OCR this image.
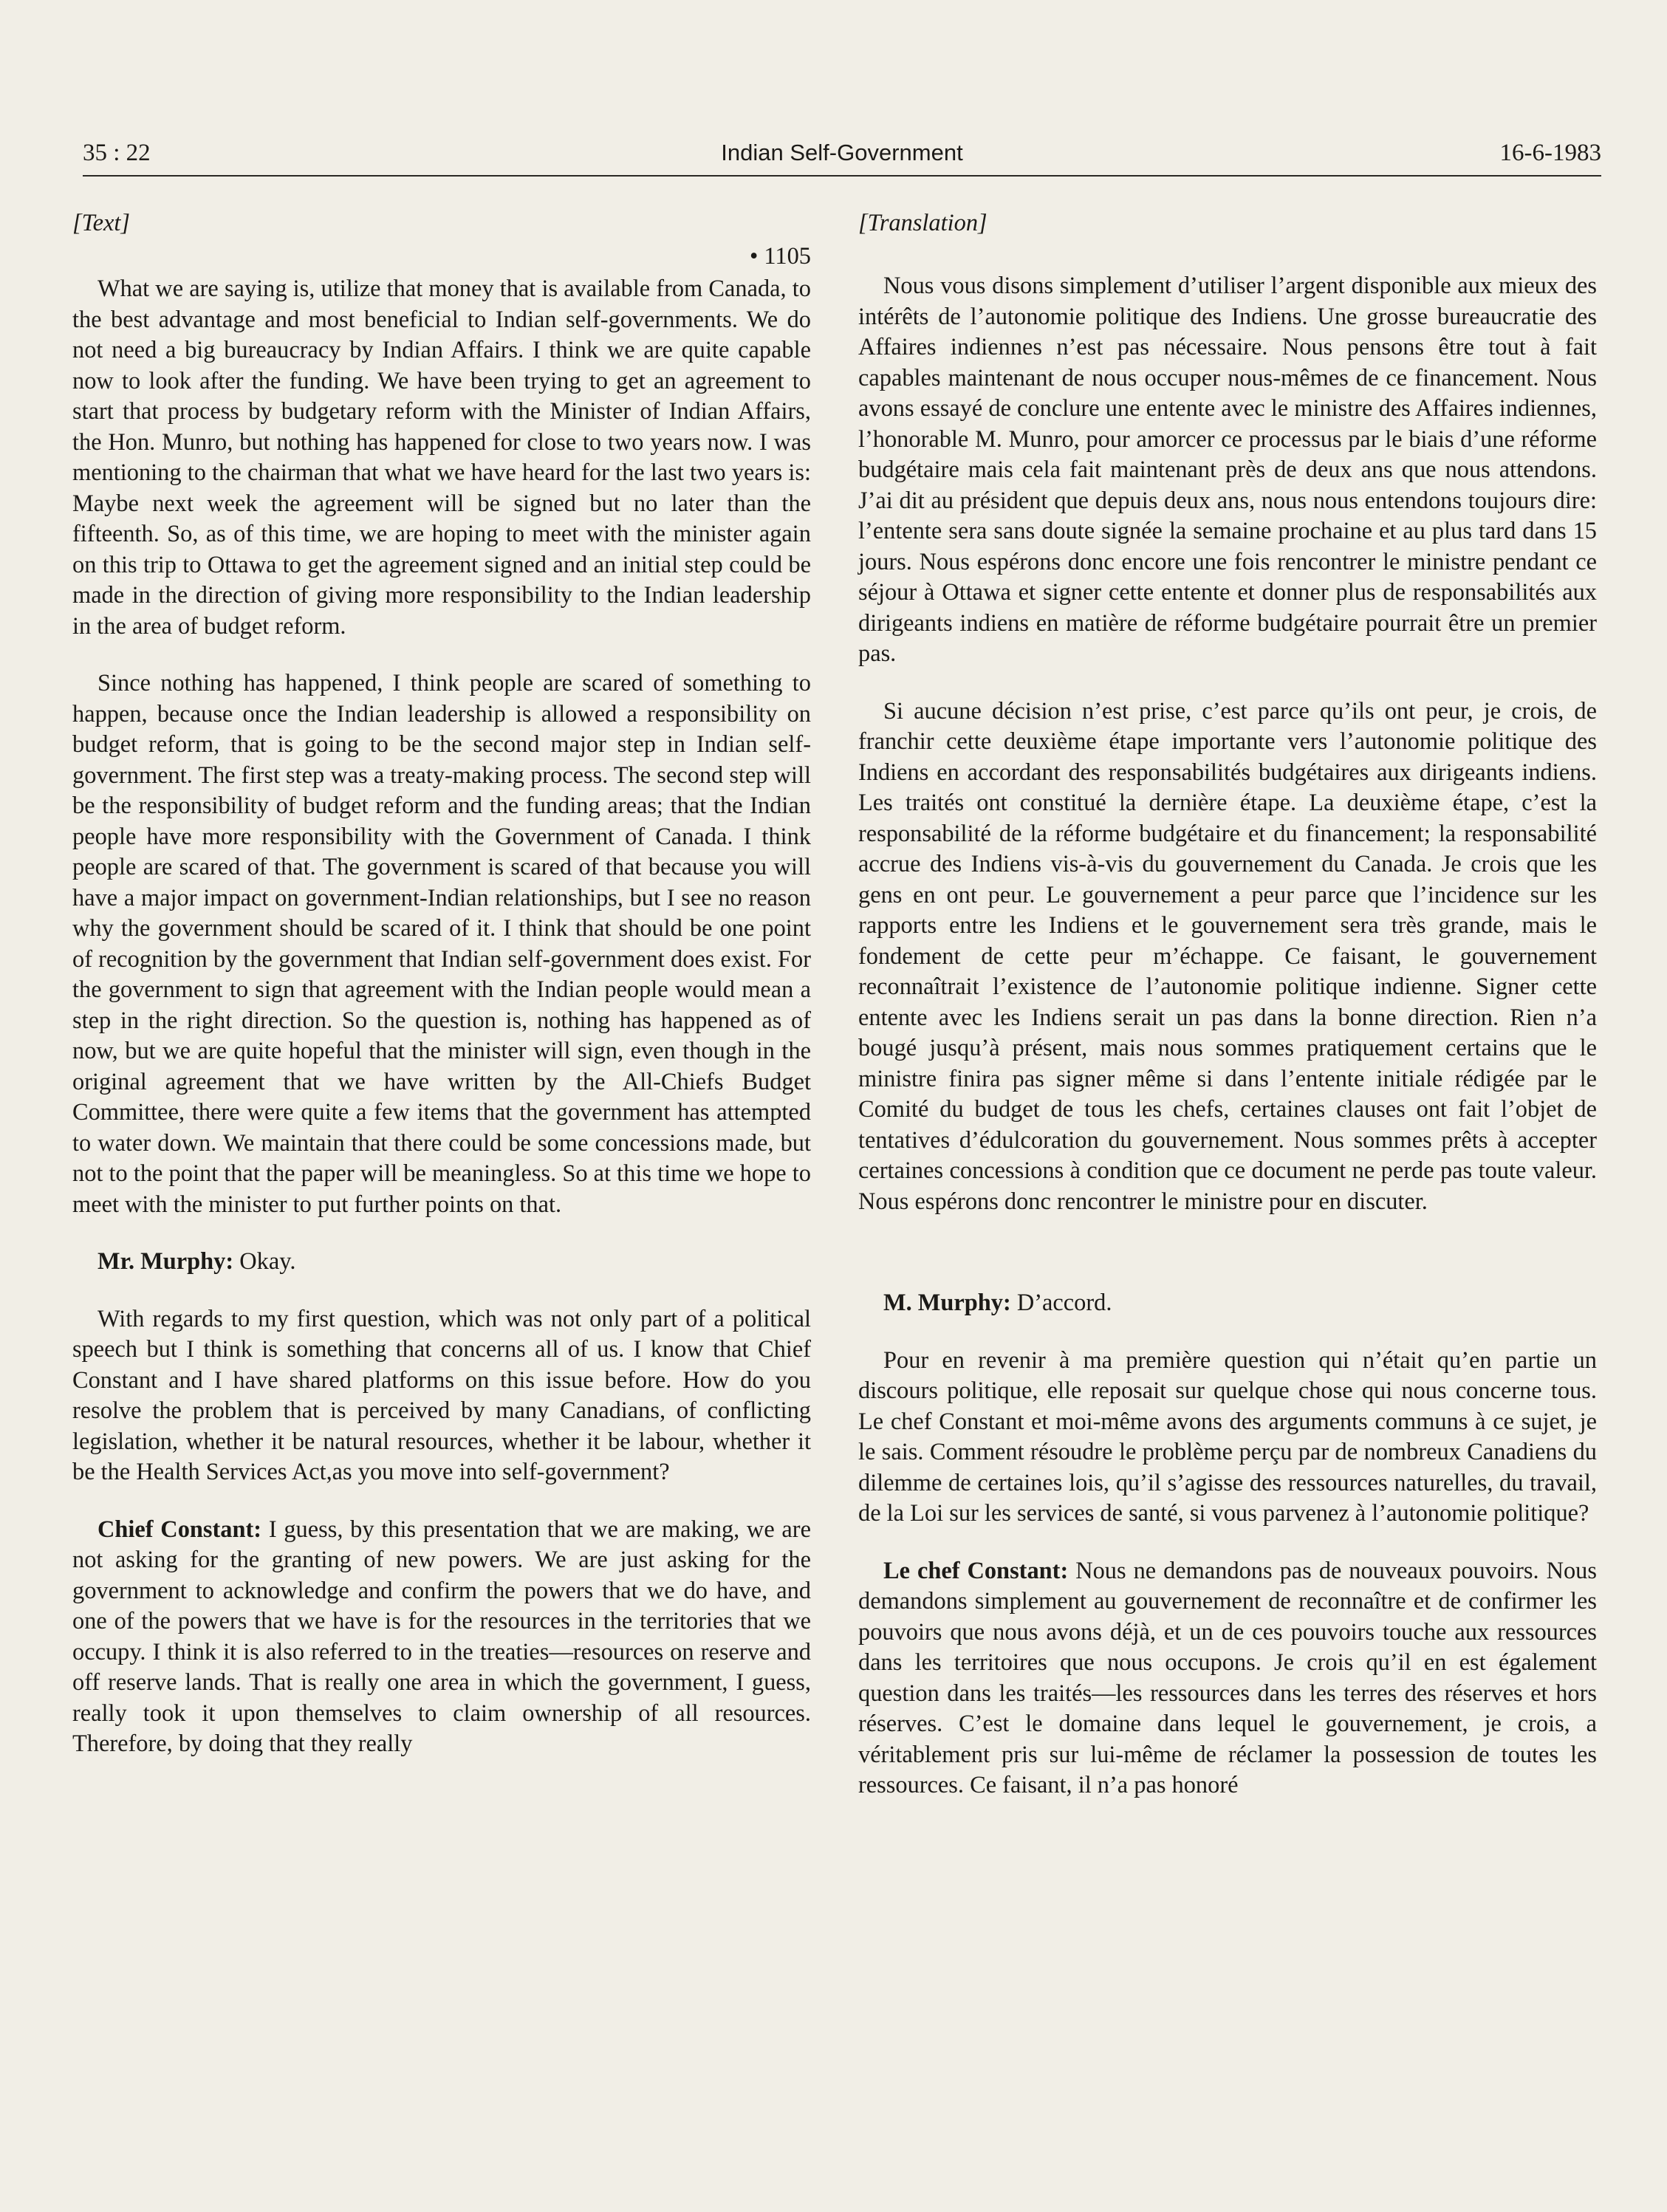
35 : 22	Indian Self-Government	16-6-1983
[Text]
• 1105

What we are saying is, utilize that money that is available from Canada, to the best advantage and most beneficial to Indian self-governments. We do not need a big bureaucracy by Indian Affairs. I think we are quite capable now to look after the funding. We have been trying to get an agreement to start that process by budgetary reform with the Minister of Indian Affairs, the Hon. Munro, but nothing has happened for close to two years now. I was mentioning to the chairman that what we have heard for the last two years is: Maybe next week the agreement will be signed but no later than the fifteenth. So, as of this time, we are hoping to meet with the minister again on this trip to Ottawa to get the agreement signed and an initial step could be made in the direction of giving more responsibility to the Indian leadership in the area of budget reform.

Since nothing has happened, I think people are scared of something to happen, because once the Indian leadership is allowed a responsibility on budget reform, that is going to be the second major step in Indian self-government. The first step was a treaty-making process. The second step will be the responsibility of budget reform and the funding areas; that the Indian people have more responsibility with the Government of Canada. I think people are scared of that. The government is scared of that because you will have a major impact on government-Indian relationships, but I see no reason why the government should be scared of it. I think that should be one point of recognition by the government that Indian self-government does exist. For the government to sign that agreement with the Indian people would mean a step in the right direction. So the question is, nothing has happened as of now, but we are quite hopeful that the minister will sign, even though in the original agreement that we have written by the All-Chiefs Budget Committee, there were quite a few items that the government has attempted to water down. We maintain that there could be some concessions made, but not to the point that the paper will be meaningless. So at this time we hope to meet with the minister to put further points on that.

Mr. Murphy: Okay.

With regards to my first question, which was not only part of a political speech but I think is something that concerns all of us. I know that Chief Constant and I have shared platforms on this issue before. How do you resolve the problem that is perceived by many Canadians, of conflicting legislation, whether it be natural resources, whether it be labour, whether it be the Health Services Act,as you move into self-government?

Chief Constant: I guess, by this presentation that we are making, we are not asking for the granting of new powers. We are just asking for the government to acknowledge and confirm the powers that we do have, and one of the powers that we have is for the resources in the territories that we occupy. I think it is also referred to in the treaties—resources on reserve and off reserve lands. That is really one area in which the government, I guess, really took it upon themselves to claim ownership of all resources. Therefore, by doing that they really

[Translation]

Nous vous disons simplement d’utiliser l’argent disponible aux mieux des intérêts de l’autonomie politique des Indiens. Une grosse bureaucratie des Affaires indiennes n’est pas nécessaire. Nous pensons être tout à fait capables maintenant de nous occuper nous-mêmes de ce financement. Nous avons essayé de conclure une entente avec le ministre des Affaires indiennes, l’honorable M. Munro, pour amorcer ce processus par le biais d’une réforme budgétaire mais cela fait maintenant près de deux ans que nous attendons. J’ai dit au président que depuis deux ans, nous nous entendons toujours dire: l’entente sera sans doute signée la semaine prochaine et au plus tard dans 15 jours. Nous espérons donc encore une fois rencontrer le ministre pendant ce séjour à Ottawa et signer cette entente et donner plus de responsabilités aux dirigeants indiens en matière de réforme budgétaire pourrait être un premier pas.

Si aucune décision n’est prise, c’est parce qu’ils ont peur, je crois, de franchir cette deuxième étape importante vers l’autonomie politique des Indiens en accordant des responsabilités budgétaires aux dirigeants indiens. Les traités ont constitué la dernière étape. La deuxième étape, c’est la responsabilité de la réforme budgétaire et du financement; la responsabilité accrue des Indiens vis-à-vis du gouvernement du Canada. Je crois que les gens en ont peur. Le gouvernement a peur parce que l’incidence sur les rapports entre les Indiens et le gouvernement sera très grande, mais le fondement de cette peur m’échappe. Ce faisant, le gouvernement reconnaîtrait l’existence de l’autonomie politique indienne. Signer cette entente avec les Indiens serait un pas dans la bonne direction. Rien n’a bougé jusqu’à présent, mais nous sommes pratiquement certains que le ministre finira pas signer même si dans l’entente initiale rédigée par le Comité du budget de tous les chefs, certaines clauses ont fait l’objet de tentatives d’édulcoration du gouvernement. Nous sommes prêts à accepter certaines concessions à condition que ce document ne perde pas toute valeur. Nous espérons donc rencontrer le ministre pour en discuter.

M. Murphy: D’accord.

Pour en revenir à ma première question qui n’était qu’en partie un discours politique, elle reposait sur quelque chose qui nous concerne tous. Le chef Constant et moi-même avons des arguments communs à ce sujet, je le sais. Comment résoudre le problème perçu par de nombreux Canadiens du dilemme de certaines lois, qu’il s’agisse des ressources naturelles, du travail, de la Loi sur les services de santé, si vous parvenez à l’autonomie politique?

Le chef Constant: Nous ne demandons pas de nouveaux pouvoirs. Nous demandons simplement au gouvernement de reconnaître et de confirmer les pouvoirs que nous avons déjà, et un de ces pouvoirs touche aux ressources dans les territoires que nous occupons. Je crois qu’il en est également question dans les traités—les ressources dans les terres des réserves et hors réserves. C’est le domaine dans lequel le gouvernement, je crois, a véritablement pris sur lui-même de réclamer la possession de toutes les ressources. Ce faisant, il n’a pas honoré
